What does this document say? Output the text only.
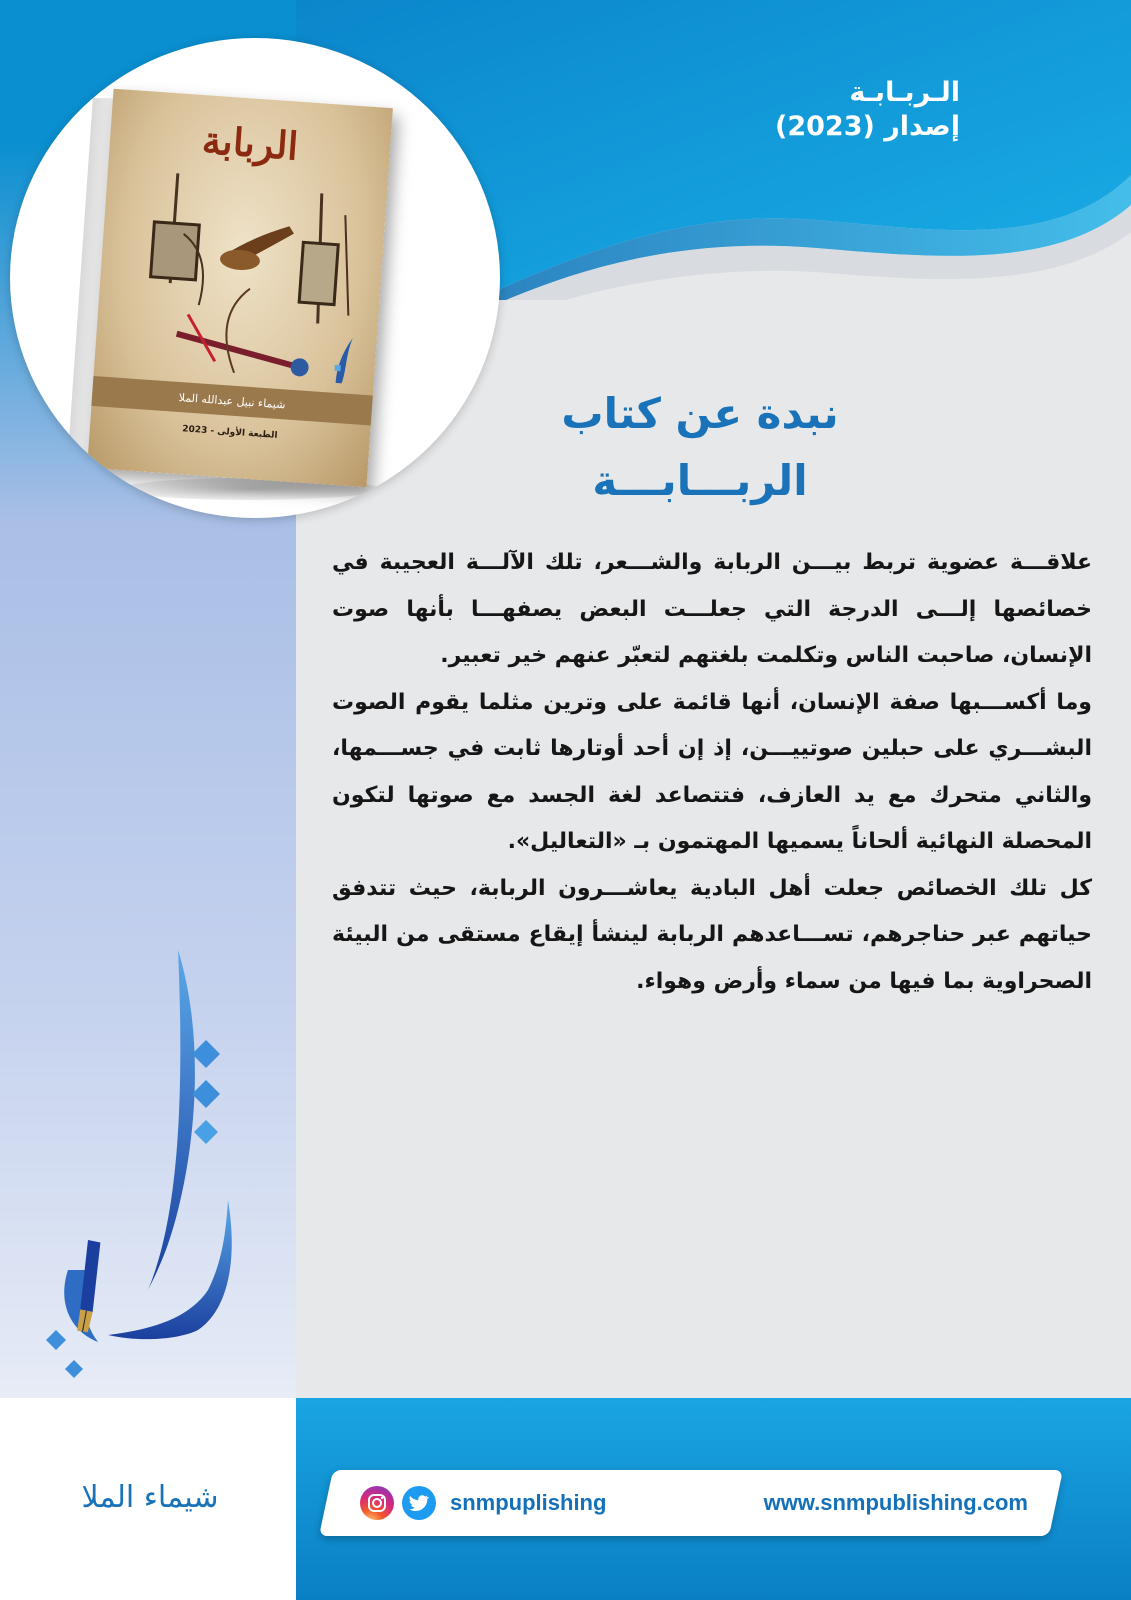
الـربـابـة
إصدار (2023)
الربابة
شيماء نبيل عبدالله الملا
الطبعة الأولى - 2023	نبدة عن كتاب
الربـــابـــة

علاقـــة عضوية تربط بيـــن الربابة والشـــعر، تلك الآلـــة العجيبة في خصائصها إلـــى الدرجة التي جعلـــت البعض يصفهـــا بأنها صوت الإنسان، صاحبت الناس وتكلمت بلغتهم لتعبّر عنهم خير تعبير.

وما أكســـبها صفة الإنسان، أنها قائمة على وترين مثلما يقوم الصوت البشـــري على حبلين صوتييـــن، إذ إن أحد أوتارها ثابت في جســـمها، والثاني متحرك مع يد العازف، فتتصاعد لغة الجسد مع صوتها لتكون المحصلة النهائية ألحاناً يسميها المهتمون بـ «التعاليل».

كل تلك الخصائص جعلت أهل البادية يعاشـــرون الربابة، حيث تتدفق حياتهم عبر حناجرهم، تســـاعدهم الربابة لينشأ إيقاع مستقى من البيئة الصحراوية بما فيها من سماء وأرض وهواء.

شيماء الملا	snmpuplishing	www.snmpublishing.com
